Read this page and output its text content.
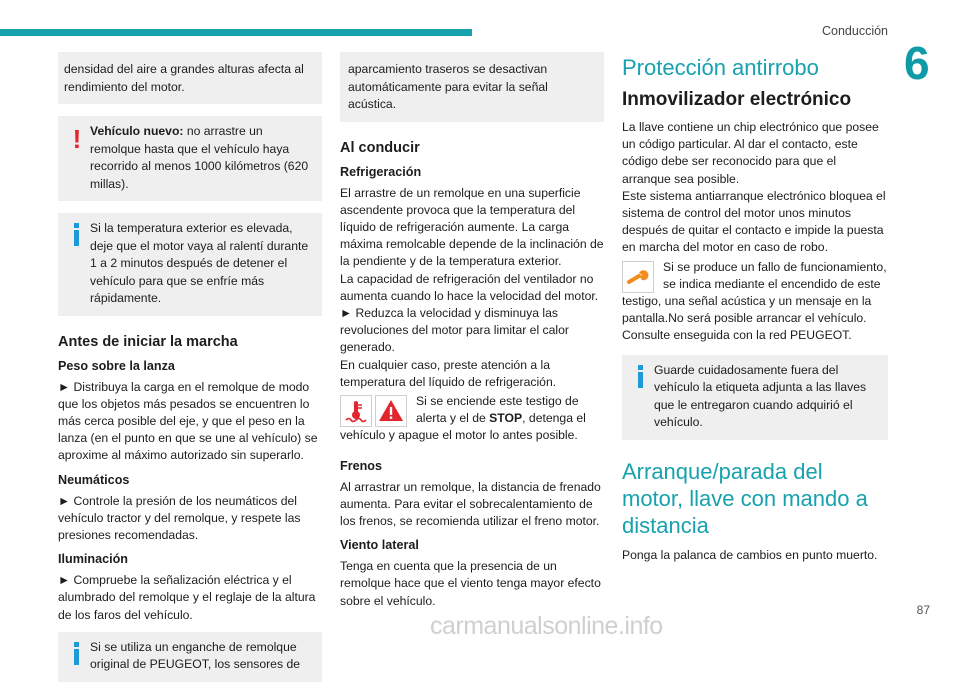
Conducción
6
densidad del aire a grandes alturas afecta al rendimiento del motor.
! Vehículo nuevo: no arrastre un remolque hasta que el vehículo haya recorrido al menos 1000 kilómetros (620 millas).
Si la temperatura exterior es elevada, deje que el motor vaya al ralentí durante 1 a 2 minutos después de detener el vehículo para que se enfríe más rápidamente.
Antes de iniciar la marcha
Peso sobre la lanza

► Distribuya la carga en el remolque de modo que los objetos más pesados se encuentren lo más cerca posible del eje, y que el peso en la lanza (en el punto en que se une al vehículo) se aproxime al máximo autorizado sin superarlo.

Neumáticos

► Controle la presión de los neumáticos del vehículo tractor y del remolque, y respete las presiones recomendadas.

Iluminación

► Compruebe la señalización eléctrica y el alumbrado del remolque y el reglaje de la altura de los faros del vehículo.

Si se utiliza un enganche de remolque original de PEUGEOT, los sensores de
aparcamiento traseros se desactivan automáticamente para evitar la señal acústica.
Al conducir
Refrigeración

El arrastre de un remolque en una superficie ascendente provoca que la temperatura del líquido de refrigeración aumente. La carga máxima remolcable depende de la inclinación de la pendiente y de la temperatura exterior.

La capacidad de refrigeración del ventilador no aumenta cuando lo hace la velocidad del motor.

► Reduzca la velocidad y disminuya las revoluciones del motor para limitar el calor generado.

En cualquier caso, preste atención a la temperatura del líquido de refrigeración.

Si se enciende este testigo de alerta y el de STOP, detenga el vehículo y apague el motor lo antes posible.

Frenos

Al arrastrar un remolque, la distancia de frenado aumenta. Para evitar el sobrecalentamiento de los frenos, se recomienda utilizar el freno motor.

Viento lateral

Tenga en cuenta que la presencia de un remolque hace que el viento tenga mayor efecto sobre el vehículo.

Protección antirrobo
Inmovilizador electrónico

La llave contiene un chip electrónico que posee un código particular. Al dar el contacto, este código debe ser reconocido para que el arranque sea posible.

Este sistema antiarranque electrónico bloquea el sistema de control del motor unos minutos después de quitar el contacto e impide la puesta en marcha del motor en caso de robo.

Si se produce un fallo de funcionamiento, se indica mediante el encendido de este testigo, una señal acústica y un mensaje en la pantalla.No será posible arrancar el vehículo. Consulte enseguida con la red PEUGEOT.

Guarde cuidadosamente fuera del vehículo la etiqueta adjunta a las llaves que le entregaron cuando adquirió el vehículo.
Arranque/parada del
motor, llave con mando a
distancia

Ponga la palanca de cambios en punto muerto.

87
carmanualsonline.info
